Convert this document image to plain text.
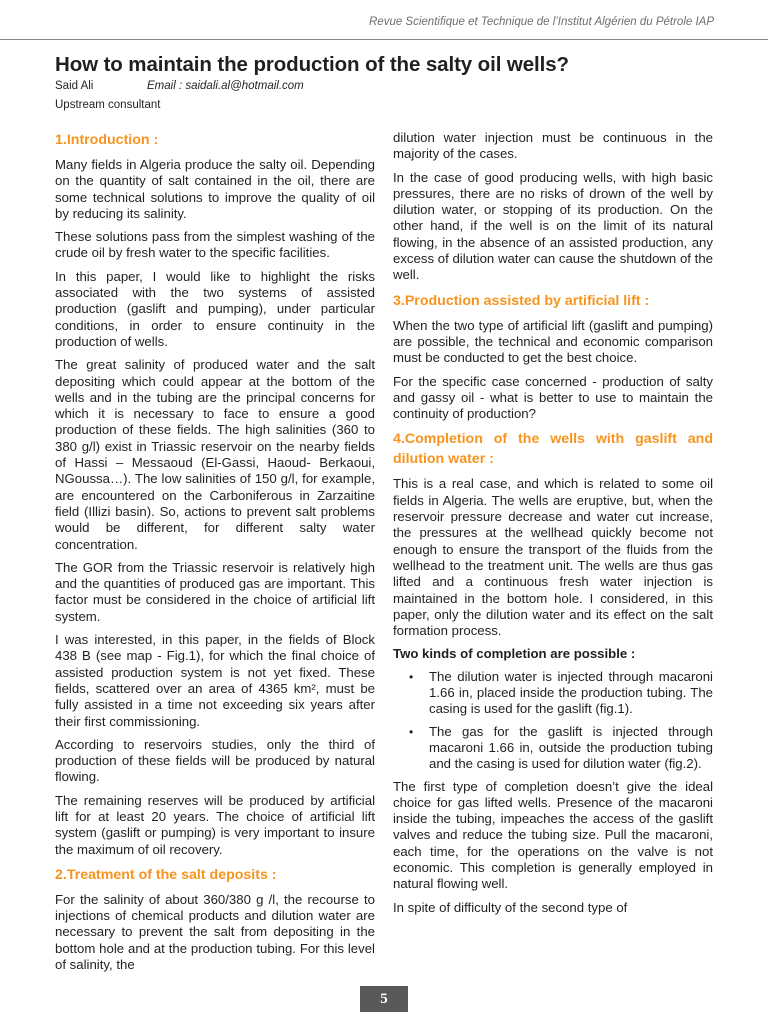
Revue Scientifique et Technique de l’Institut Algérien du Pétrole IAP
How to maintain the production of the salty oil wells?
Said Ali	Email : saidali.al@hotmail.com
Upstream consultant
1.Introduction :

Many fields in Algeria produce the salty oil. Depending on the quantity of salt contained in the oil, there are some technical solutions to improve the quality of oil by reducing its salinity.

These solutions pass from the simplest washing of the crude oil by fresh water to the specific facilities.

In this paper, I would like to highlight the risks associated with the two systems of assisted production (gaslift and pumping), under particular conditions, in order to ensure continuity in the production of wells.

The great salinity of produced water and the salt depositing which could appear at the bottom of the wells and in the tubing are the principal concerns for which it is necessary to face to ensure a good production of these fields. The high salinities (360 to 380 g/l) exist in Triassic reservoir on the nearby fields of Hassi – Messaoud (El-Gassi, Haoud- Berkaoui, NGoussa…). The low salinities of 150 g/l, for example, are encountered on the Carboniferous in Zarzaitine field (Illizi basin). So, actions to prevent salt problems would be different, for different salty water concentration.

The GOR from the Triassic reservoir is relatively high and the quantities of produced gas are important. This factor must be considered in the choice of artificial lift system.

I was interested, in this paper, in the fields of Block 438 B (see map - Fig.1), for which the final choice of assisted production system is not yet fixed. These fields, scattered over an area of 4365 km², must be fully assisted in a time not exceeding six years after their first commissioning.

According to reservoirs studies, only the third of production of these fields will be produced by natural flowing.

The remaining reserves will be produced by artificial lift for at least 20 years. The choice of artificial lift system (gaslift or pumping) is very important to insure the maximum of oil recovery.

2.Treatment of the salt deposits :

For the salinity of about 360/380 g /l, the recourse to injections of chemical products and dilution water are necessary to prevent the salt from depositing in the bottom hole and at the production tubing. For this level of salinity, the

dilution water injection must be continuous in the majority of the cases.

In the case of good producing wells, with high basic pressures, there are no risks of drown of the well by dilution water, or stopping of its production. On the other hand, if the well is on the limit of its natural flowing, in the absence of an assisted production, any excess of dilution water can cause the shutdown of the well.

3.Production assisted by artificial lift :

When the two type of artificial lift (gaslift and pumping) are possible, the technical and economic comparison must be conducted to get the best choice.

For the specific case concerned - production of salty and gassy oil - what is better to use to maintain the continuity of production?

4.Completion of the wells with gaslift and dilution water :

This is a real case, and which is related to some oil fields in Algeria. The wells are eruptive, but, when the reservoir pressure decrease and water cut increase, the pressures at the wellhead quickly become not enough to ensure the transport of the fluids from the wellhead to the treatment unit. The wells are thus gas lifted and a continuous fresh water injection is maintained in the bottom hole. I considered, in this paper, only the dilution water and its effect on the salt formation process.

Two kinds of completion are possible :
• The dilution water is injected through macaroni 1.66 in, placed inside the production tubing. The casing is used for the gaslift (fig.1).
• The gas for the gaslift is injected through macaroni 1.66 in, outside the production tubing and the casing is used for dilution water (fig.2).

The first type of completion doesn’t give the ideal choice for gas lifted wells. Presence of the macaroni inside the tubing, impeaches the access of the gaslift valves and reduce the tubing size. Pull the macaroni, each time, for the operations on the valve is not economic. This completion is generally employed in natural flowing well.

In spite of difficulty of the second type of

5
